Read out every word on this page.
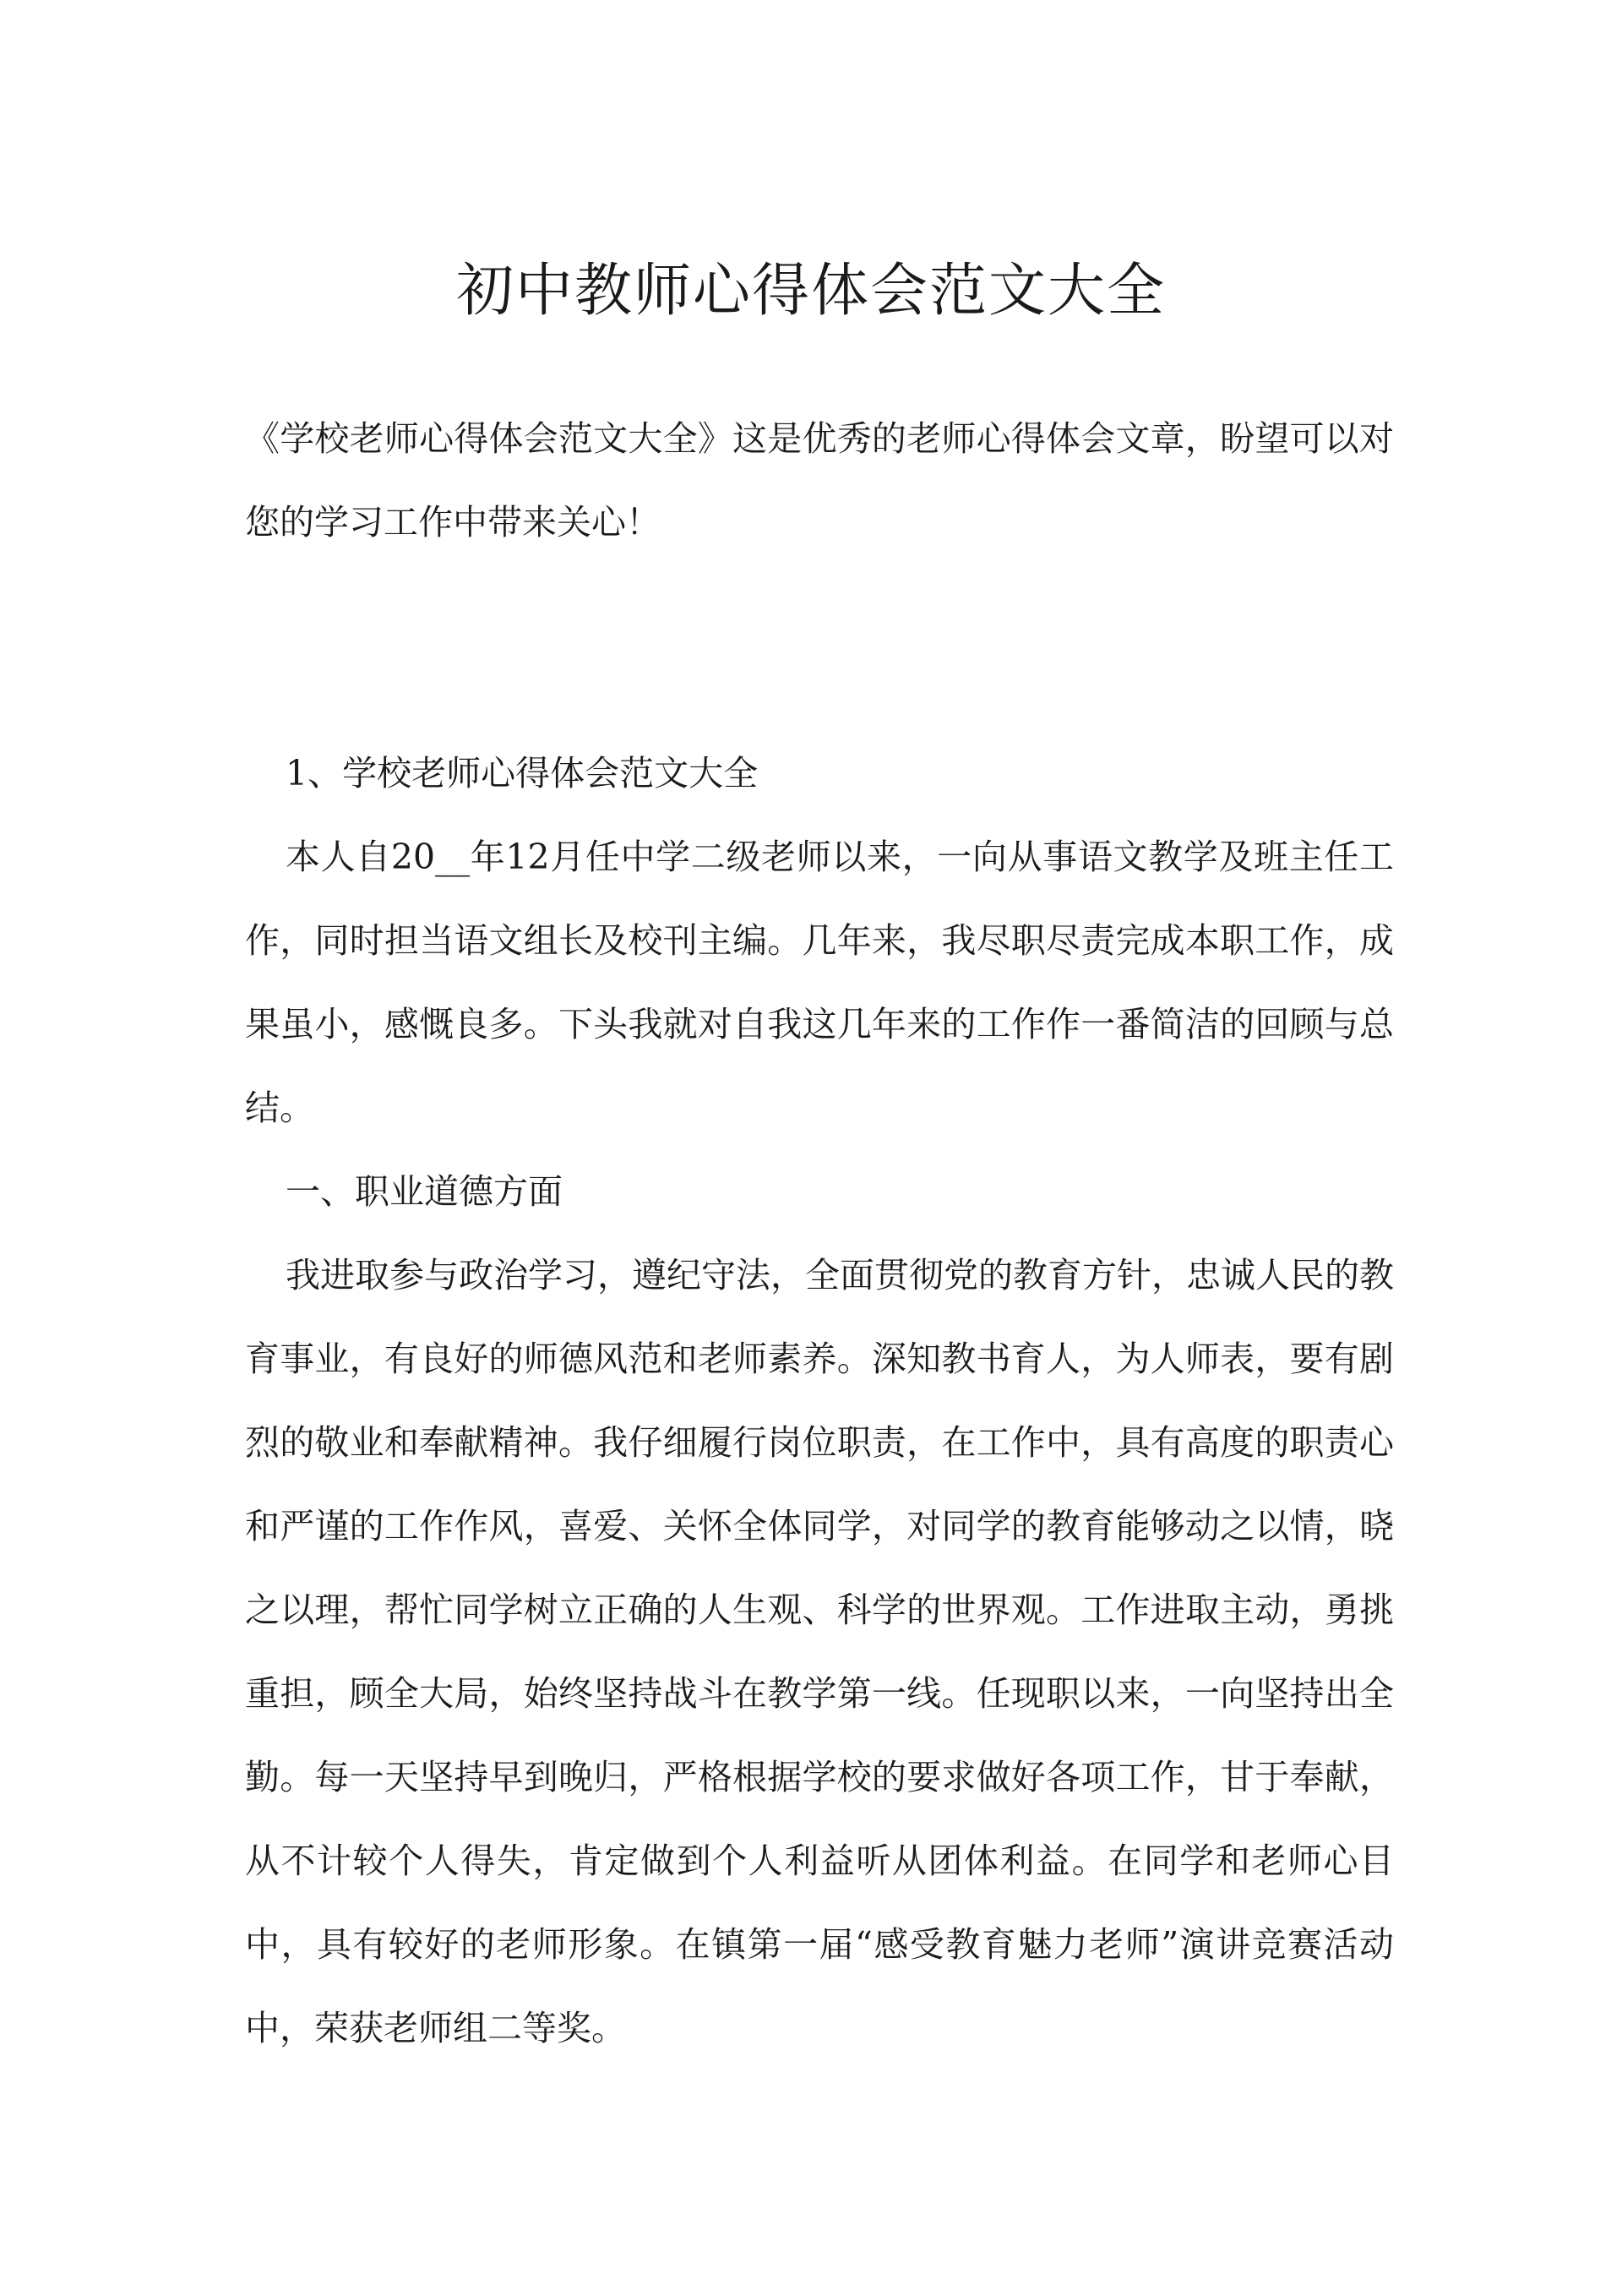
初中教师心得体会范文大全

《学校老师心得体会范文大全》这是优秀的老师心得体会文章，盼望可以对您的学习工作中带来关心！

1、学校老师心得体会范文大全

本人自20__年12月任中学二级老师以来，一向从事语文教学及班主任工作，同时担当语文组长及校刊主编。几年来，我尽职尽责完成本职工作，成果虽小，感慨良多。下头我就对自我这几年来的工作作一番简洁的回顾与总结。

一、职业道德方面

我进取参与政治学习，遵纪守法，全面贯彻党的教育方针，忠诚人民的教育事业，有良好的师德风范和老师素养。深知教书育人，为人师表，要有剧烈的敬业和奉献精神。我仔细履行岗位职责，在工作中，具有高度的职责心和严谨的工作作风，喜爱、关怀全体同学，对同学的教育能够动之以情，晓之以理，帮忙同学树立正确的人生观、科学的世界观。工作进取主动，勇挑重担，顾全大局，始终坚持战斗在教学第一线。任现职以来，一向坚持出全勤。每一天坚持早到晚归，严格根据学校的要求做好各项工作，甘于奉献，从不计较个人得失，肯定做到个人利益听从团体利益。在同学和老师心目中，具有较好的老师形象。在镇第一届“感受教育魅力老师”演讲竞赛活动中，荣获老师组二等奖。
